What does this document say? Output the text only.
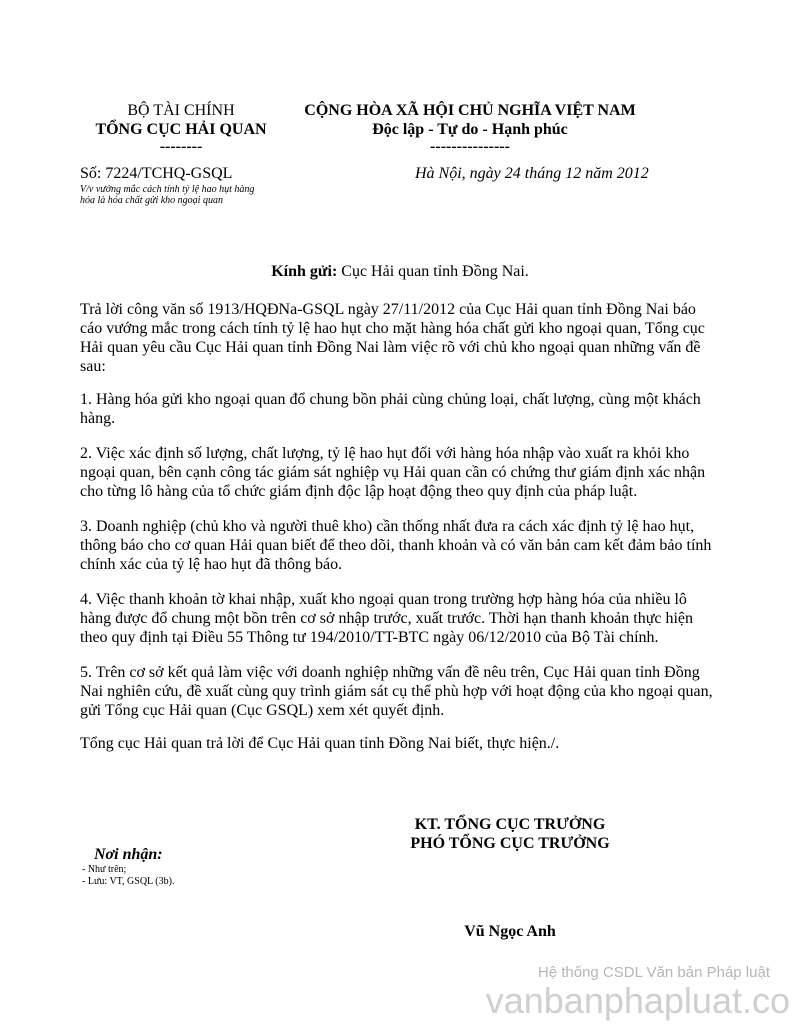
BỘ TÀI CHÍNH
TỔNG CỤC HẢI QUAN
--------
CỘNG HÒA XÃ HỘI CHỦ NGHĨA VIỆT NAM
Độc lập - Tự do - Hạnh phúc
---------------
Số: 7224/TCHQ-GSQL
V/v vướng mắc cách tính tỷ lệ hao hụt hàng hóa là hóa chất gửi kho ngoại quan
Hà Nội, ngày 24 tháng 12 năm 2012
Kính gửi: Cục Hải quan tỉnh Đồng Nai.
Trả lời công văn số 1913/HQĐNa-GSQL ngày 27/11/2012 của Cục Hải quan tỉnh Đồng Nai báo cáo vướng mắc trong cách tính tỷ lệ hao hụt cho mặt hàng hóa chất gửi kho ngoại quan, Tổng cục Hải quan yêu cầu Cục Hải quan tỉnh Đồng Nai làm việc rõ với chủ kho ngoại quan những vấn đề sau:
1. Hàng hóa gửi kho ngoại quan đổ chung bồn phải cùng chủng loại, chất lượng, cùng một khách hàng.
2. Việc xác định số lượng, chất lượng, tỷ lệ hao hụt đối với hàng hóa nhập vào xuất ra khỏi kho ngoại quan, bên cạnh công tác giám sát nghiệp vụ Hải quan cần có chứng thư giám định xác nhận cho từng lô hàng của tổ chức giám định độc lập hoạt động theo quy định của pháp luật.
3. Doanh nghiệp (chủ kho và người thuê kho) cần thống nhất đưa ra cách xác định tỷ lệ hao hụt, thông báo cho cơ quan Hải quan biết để theo dõi, thanh khoản và có văn bản cam kết đảm bảo tính chính xác của tỷ lệ hao hụt đã thông báo.
4. Việc thanh khoản tờ khai nhập, xuất kho ngoại quan trong trường hợp hàng hóa của nhiều lô hàng được đổ chung một bồn trên cơ sở nhập trước, xuất trước. Thời hạn thanh khoản thực hiện theo quy định tại Điều 55 Thông tư 194/2010/TT-BTC ngày 06/12/2010 của Bộ Tài chính.
5. Trên cơ sở kết quả làm việc với doanh nghiệp những vấn đề nêu trên, Cục Hải quan tỉnh Đồng Nai nghiên cứu, đề xuất cùng quy trình giám sát cụ thể phù hợp với hoạt động của kho ngoại quan, gửi Tổng cục Hải quan (Cục GSQL) xem xét quyết định.
Tổng cục Hải quan trả lời để Cục Hải quan tỉnh Đồng Nai biết, thực hiện./.
KT. TỔNG CỤC TRƯỞNG
PHÓ TỔNG CỤC TRƯỞNG
Vũ Ngọc Anh
Nơi nhận:
- Như trên;
- Lưu: VT, GSQL (3b).
Hệ thống CSDL Văn bản Pháp luật
vanbanphapluat.co
